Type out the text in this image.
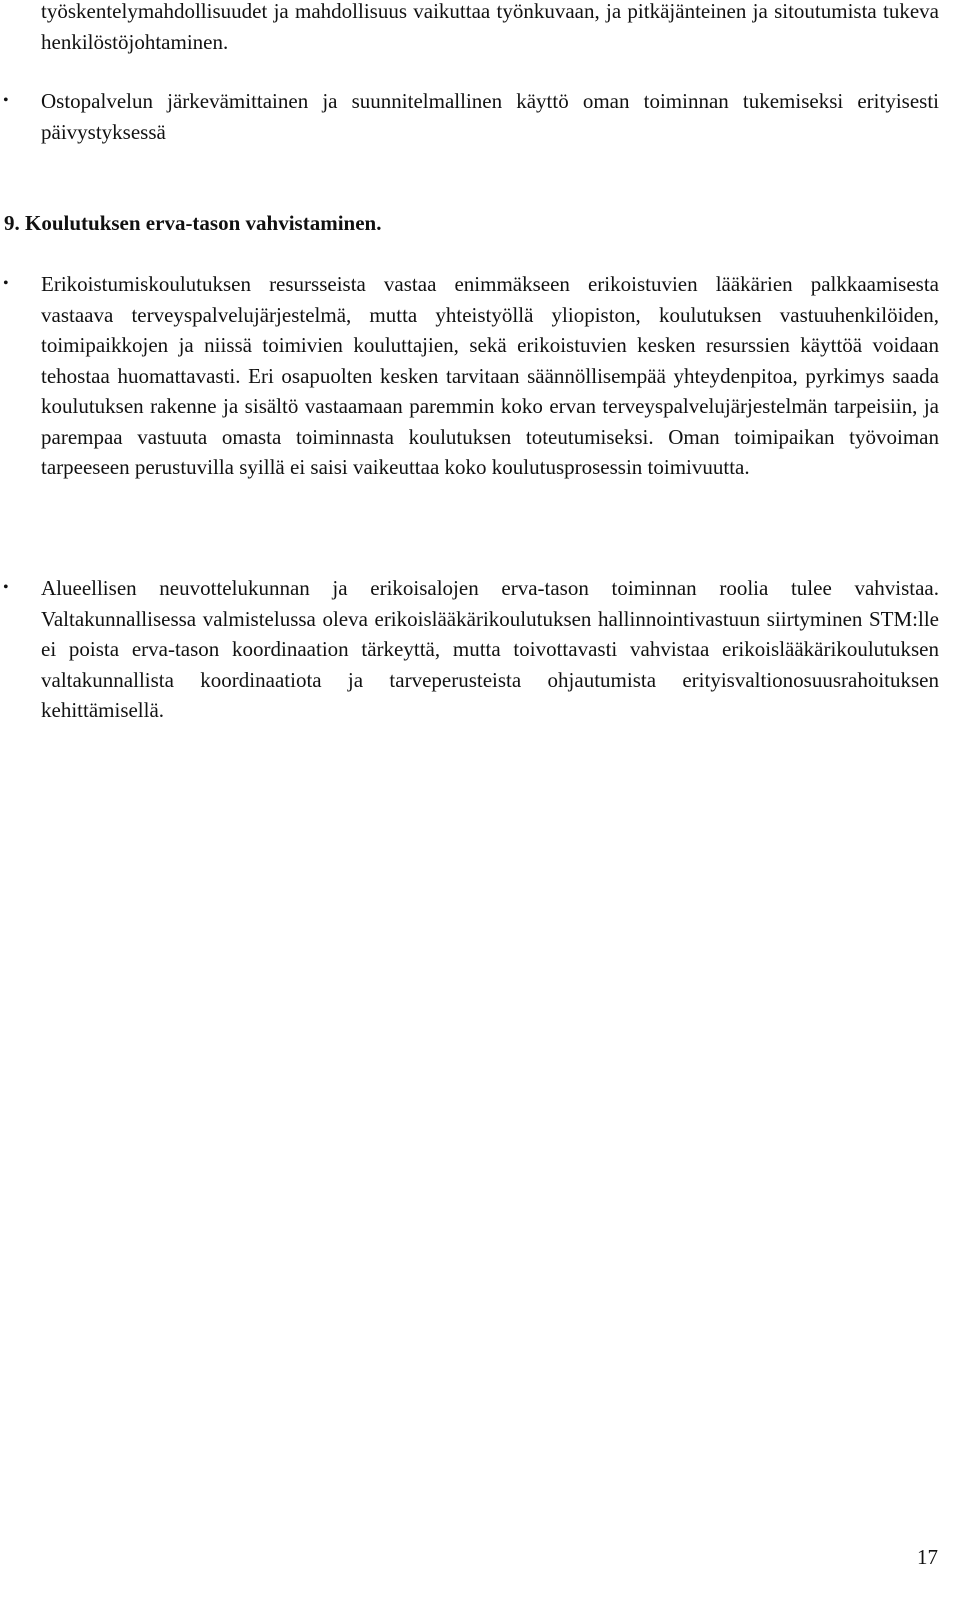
työskentelymahdollisuudet ja mahdollisuus vaikuttaa työnkuvaan, ja pitkäjänteinen ja sitoutumista tukeva henkilöstöjohtaminen.

• Ostopalvelun järkevämittainen ja suunnitelmallinen käyttö oman toiminnan tukemiseksi erityisesti päivystyksessä
9. Koulutuksen erva-tason vahvistaminen.
• Erikoistumiskoulutuksen resursseista vastaa enimmäkseen erikoistuvien lääkärien palkkaamisesta vastaava terveyspalvelujärjestelmä, mutta yhteistyöllä yliopiston, koulutuksen vastuuhenkilöiden, toimipaikkojen ja niissä toimivien kouluttajien, sekä erikoistuvien kesken resurssien käyttöä voidaan tehostaa huomattavasti. Eri osapuolten kesken tarvitaan säännöllisempää yhteydenpitoa, pyrkimys saada koulutuksen rakenne ja sisältö vastaamaan paremmin koko ervan terveyspalvelujärjestelmän tarpeisiin, ja parempaa vastuuta omasta toiminnasta koulutuksen toteutumiseksi. Oman toimipaikan työvoiman tarpeeseen perustuvilla syillä ei saisi vaikeuttaa koko koulutusprosessin toimivuutta.
• Alueellisen neuvottelukunnan ja erikoisalojen erva-tason toiminnan roolia tulee vahvistaa. Valtakunnallisessa valmistelussa oleva erikoislääkärikoulutuksen hallinnointivastuun siirtyminen STM:lle ei poista erva-tason koordinaation tärkeyttä, mutta toivottavasti vahvistaa erikoislääkärikoulutuksen valtakunnallista koordinaatiota ja tarveperusteista ohjautumista erityisvaltionosuusrahoituksen kehittämisellä.
17
